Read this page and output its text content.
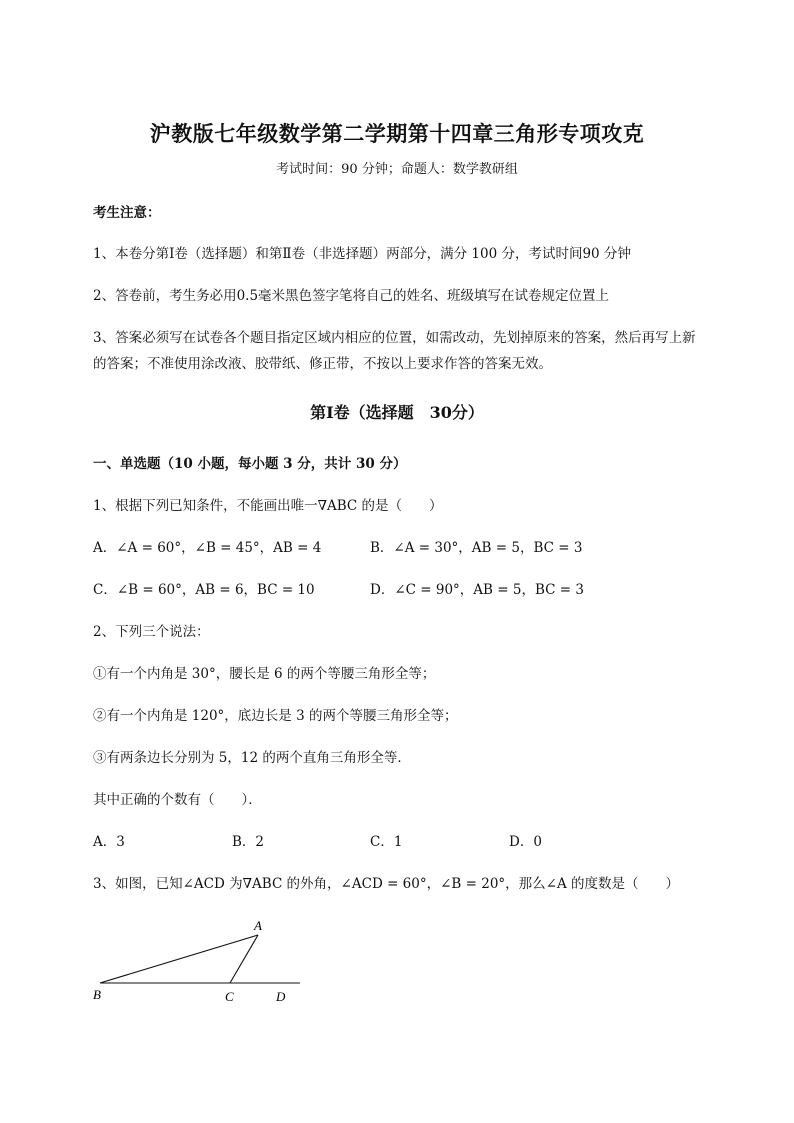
沪教版七年级数学第二学期第十四章三角形专项攻克
考试时间：90 分钟；命题人：数学教研组
考生注意：
1、本卷分第Ⅰ卷（选择题）和第Ⅱ卷（非选择题）两部分，满分 100 分，考试时间90 分钟
2、答卷前，考生务必用0.5毫米黑色签字笔将自己的姓名、班级填写在试卷规定位置上
3、答案必须写在试卷各个题目指定区域内相应的位置，如需改动，先划掉原来的答案，然后再写上新
的答案；不准使用涂改液、胶带纸、修正带，不按以上要求作答的答案无效。
第Ⅰ卷（选择题　30分）
一、单选题（10 小题，每小题 3 分，共计 30 分）
1、根据下列已知条件，不能画出唯一∇ABC 的是（　　）
A．∠A = 60°，∠B = 45°，AB = 4	B．∠A = 30°，AB = 5，BC = 3
C．∠B = 60°，AB = 6，BC = 10	D．∠C = 90°，AB = 5，BC = 3
2、下列三个说法：
①有一个内角是 30°，腰长是 6 的两个等腰三角形全等；
②有一个内角是 120°，底边长是 3 的两个等腰三角形全等；
③有两条边长分别为 5，12 的两个直角三角形全等．
其中正确的个数有（　　）．
A．3	B．2	C．1	D．0
3、如图，已知∠ACD 为∇ABC 的外角，∠ACD = 60°，∠B = 20°，那么∠A 的度数是（　　）
A
B	C	D
